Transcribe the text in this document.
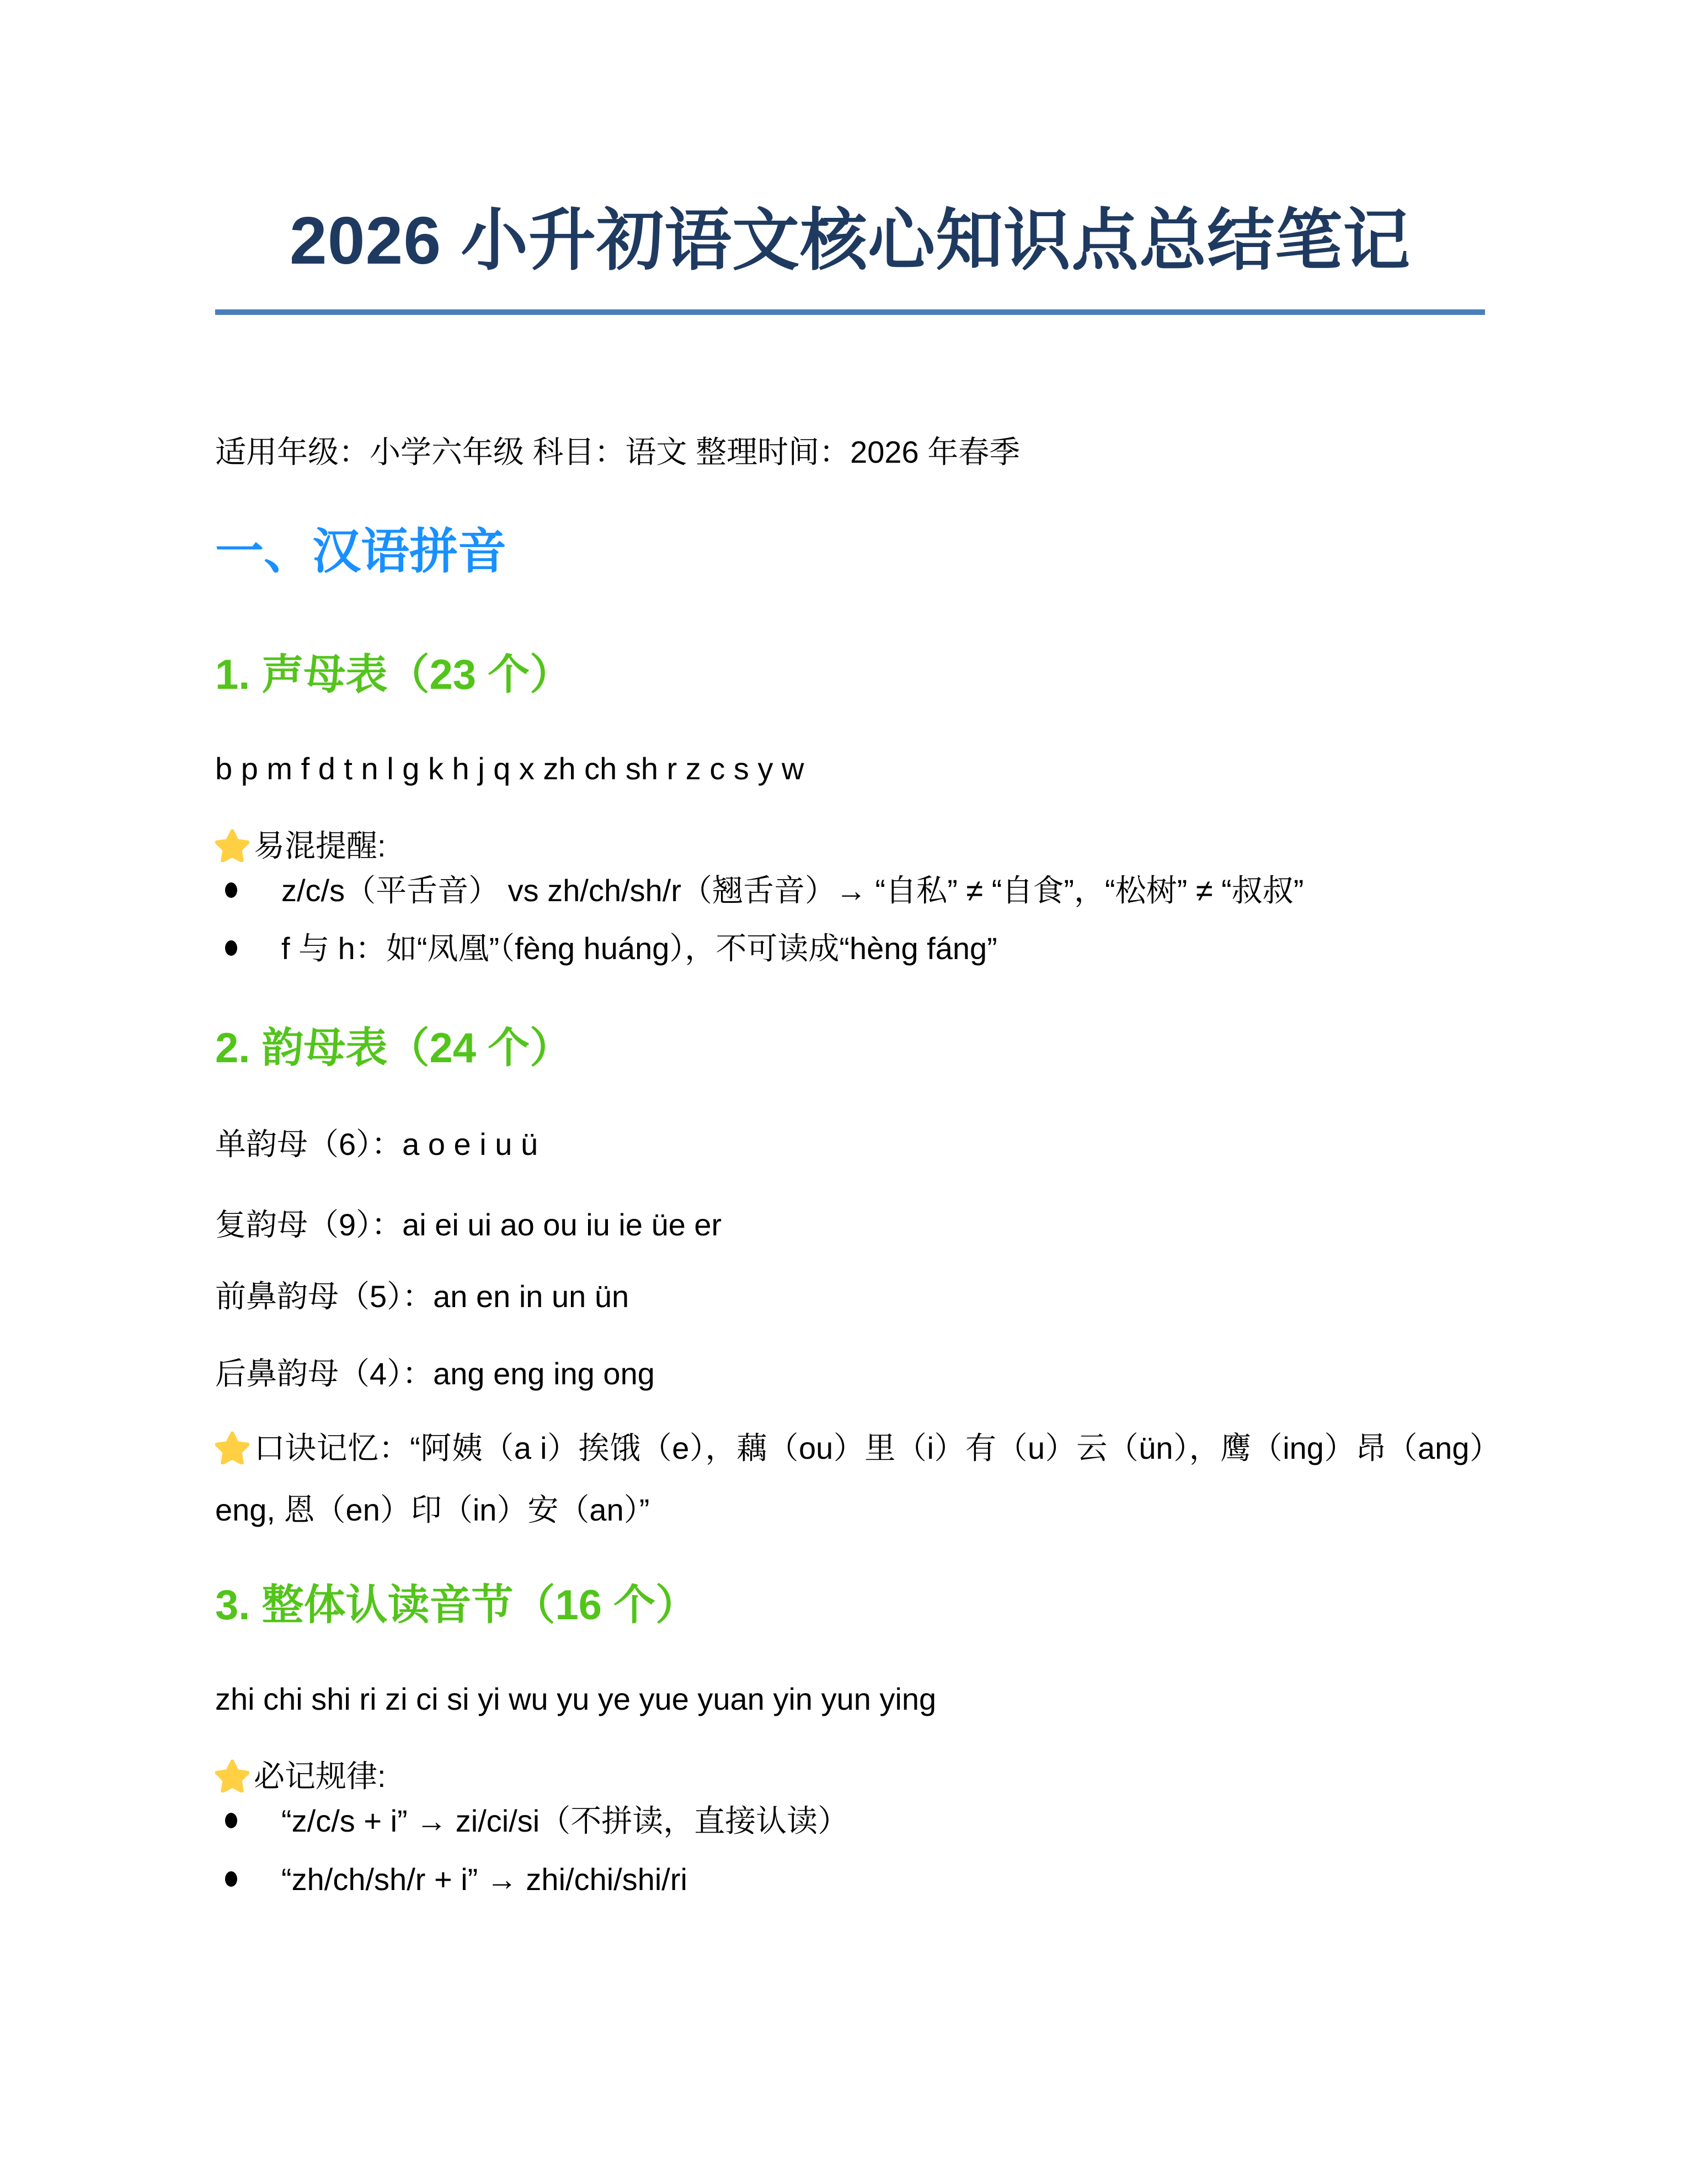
2026 小升初语文核心知识点总结笔记

适用年级：小学六年级 科目：语文 整理时间：2026 年春季

一、汉语拼音
1. 声母表（23 个）

b p m f d t n l g k h j q x zh ch sh r z c s y w

易混提醒:

z/c/s（平舌音） vs zh/ch/sh/r（翘舌音）→ “自私” ≠ “自食”，“松树” ≠ “叔叔”
f 与 h：如“凤凰”（fèng huáng），不可读成“hèng fáng”
2. 韵母表（24 个）

单韵母（6）：a o e i u ü

复韵母（9）：ai ei ui ao ou iu ie üe er

前鼻韵母（5）：an en in un ün

后鼻韵母（4）：ang eng ing ong

口诀记忆：“阿姨（a i）挨饿（e），藕（ou）里（i）有（u）云（ün），鹰（ing）昂（ang）eng, 恩（en）印（in）安（an）”

3. 整体认读音节（16 个）

zhi chi shi ri zi ci si yi wu yu ye yue yuan yin yun ying

必记规律:

“z/c/s + i” → zi/ci/si（不拼读，直接认读）
“zh/ch/sh/r + i” → zhi/chi/shi/ri
